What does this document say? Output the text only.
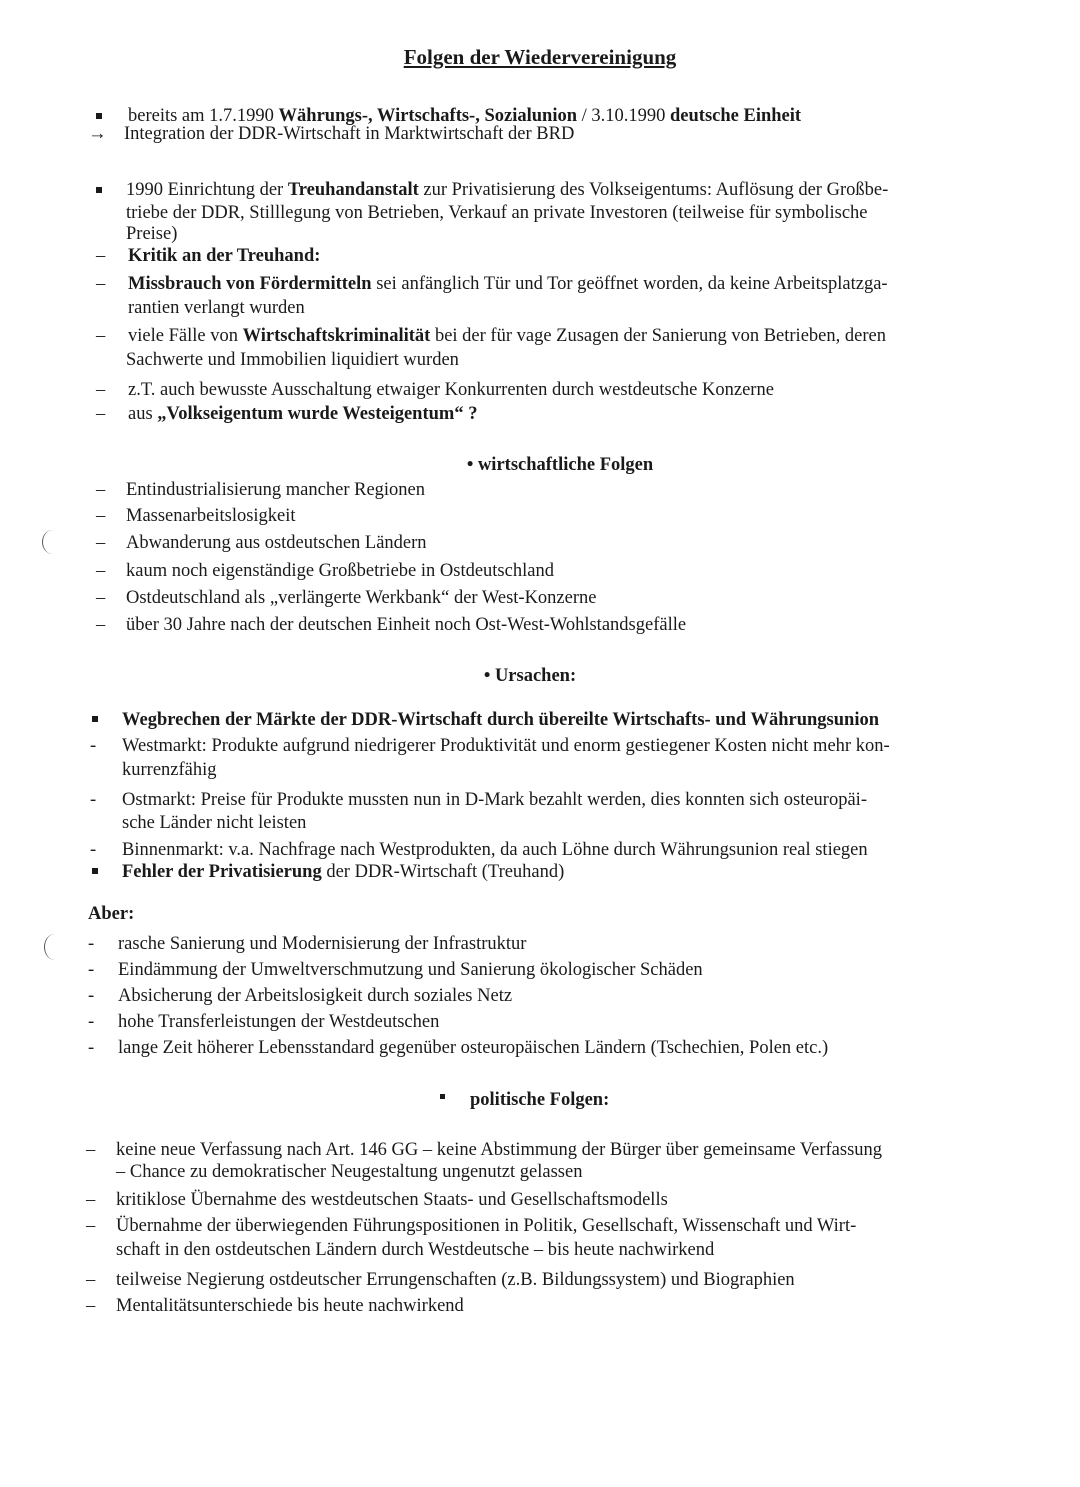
Folgen der Wiedervereinigung
bereits am 1.7.1990 Währungs-, Wirtschafts-, Sozialunion / 3.10.1990 deutsche Einheit
→ Integration der DDR-Wirtschaft in Marktwirtschaft der BRD
1990 Einrichtung der Treuhandanstalt zur Privatisierung des Volkseigentums: Auflösung der Großbe-
triebe der DDR, Stilllegung von Betrieben, Verkauf an private Investoren (teilweise für symbolische
Preise)
– Kritik an der Treuhand:
– Missbrauch von Fördermitteln sei anfänglich Tür und Tor geöffnet worden, da keine Arbeitsplatzga-
rantien verlangt wurden
– viele Fälle von Wirtschaftskriminalität bei der für vage Zusagen der Sanierung von Betrieben, deren
Sachwerte und Immobilien liquidiert wurden
– z.T. auch bewusste Ausschaltung etwaiger Konkurrenten durch westdeutsche Konzerne
– aus „Volkseigentum wurde Westeigentum“ ?
• wirtschaftliche Folgen
– Entindustrialisierung mancher Regionen
– Massenarbeitslosigkeit
– Abwanderung aus ostdeutschen Ländern
– kaum noch eigenständige Großbetriebe in Ostdeutschland
– Ostdeutschland als „verlängerte Werkbank“ der West-Konzerne
– über 30 Jahre nach der deutschen Einheit noch Ost-West-Wohlstandsgefälle
• Ursachen:
Wegbrechen der Märkte der DDR-Wirtschaft durch übereilte Wirtschafts- und Währungsunion
- Westmarkt: Produkte aufgrund niedrigerer Produktivität und enorm gestiegener Kosten nicht mehr kon-
kurrenzfähig
- Ostmarkt: Preise für Produkte mussten nun in D-Mark bezahlt werden, dies konnten sich osteuropäi-
sche Länder nicht leisten
- Binnenmarkt: v.a. Nachfrage nach Westprodukten, da auch Löhne durch Währungsunion real stiegen
Fehler der Privatisierung der DDR-Wirtschaft (Treuhand)
Aber:
- rasche Sanierung und Modernisierung der Infrastruktur
- Eindämmung der Umweltverschmutzung und Sanierung ökologischer Schäden
- Absicherung der Arbeitslosigkeit durch soziales Netz
- hohe Transferleistungen der Westdeutschen
- lange Zeit höherer Lebensstandard gegenüber osteuropäischen Ländern (Tschechien, Polen etc.)
politische Folgen:
– keine neue Verfassung nach Art. 146 GG – keine Abstimmung der Bürger über gemeinsame Verfassung
– Chance zu demokratischer Neugestaltung ungenutzt gelassen
– kritiklose Übernahme des westdeutschen Staats- und Gesellschaftsmodells
– Übernahme der überwiegenden Führungspositionen in Politik, Gesellschaft, Wissenschaft und Wirt-
schaft in den ostdeutschen Ländern durch Westdeutsche – bis heute nachwirkend
– teilweise Negierung ostdeutscher Errungenschaften (z.B. Bildungssystem) und Biographien
– Mentalitätsunterschiede bis heute nachwirkend
